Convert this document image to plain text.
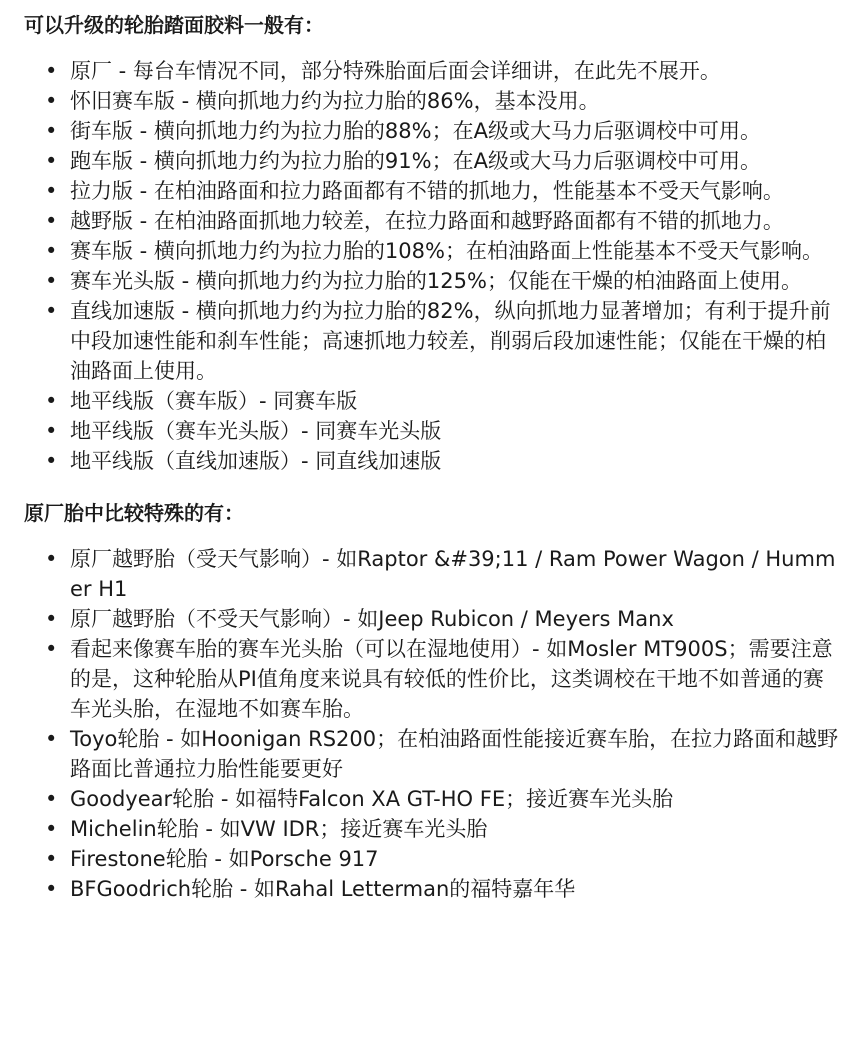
可以升级的轮胎踏面胶料一般有：
• 原厂 - 每台车情况不同，部分特殊胎面后面会详细讲，在此先不展开。
• 怀旧赛车版 - 横向抓地力约为拉力胎的86%，基本没用。
• 街车版 - 横向抓地力约为拉力胎的88%；在A级或大马力后驱调校中可用。
• 跑车版 - 横向抓地力约为拉力胎的91%；在A级或大马力后驱调校中可用。
• 拉力版 - 在柏油路面和拉力路面都有不错的抓地力，性能基本不受天气影响。
• 越野版 - 在柏油路面抓地力较差，在拉力路面和越野路面都有不错的抓地力。
• 赛车版 - 横向抓地力约为拉力胎的108%；在柏油路面上性能基本不受天气影响。
• 赛车光头版 - 横向抓地力约为拉力胎的125%；仅能在干燥的柏油路面上使用。
• 直线加速版 - 横向抓地力约为拉力胎的82%，纵向抓地力显著增加；有利于提升前中段加速性能和刹车性能；高速抓地力较差，削弱后段加速性能；仅能在干燥的柏油路面上使用。
• 地平线版（赛车版）- 同赛车版
• 地平线版（赛车光头版）- 同赛车光头版
• 地平线版（直线加速版）- 同直线加速版
原厂胎中比较特殊的有：
• 原厂越野胎（受天气影响）- 如Raptor &#39;11 / Ram Power Wagon / Hummer H1
• 原厂越野胎（不受天气影响）- 如Jeep Rubicon / Meyers Manx
• 看起来像赛车胎的赛车光头胎（可以在湿地使用）- 如Mosler MT900S；需要注意的是，这种轮胎从PI值角度来说具有较低的性价比，这类调校在干地不如普通的赛车光头胎，在湿地不如赛车胎。
• Toyo轮胎 - 如Hoonigan RS200；在柏油路面性能接近赛车胎，在拉力路面和越野路面比普通拉力胎性能要更好
• Goodyear轮胎 - 如福特Falcon XA GT-HO FE；接近赛车光头胎
• Michelin轮胎 - 如VW IDR；接近赛车光头胎
• Firestone轮胎 - 如Porsche 917
• BFGoodrich轮胎 - 如Rahal Letterman的福特嘉年华
